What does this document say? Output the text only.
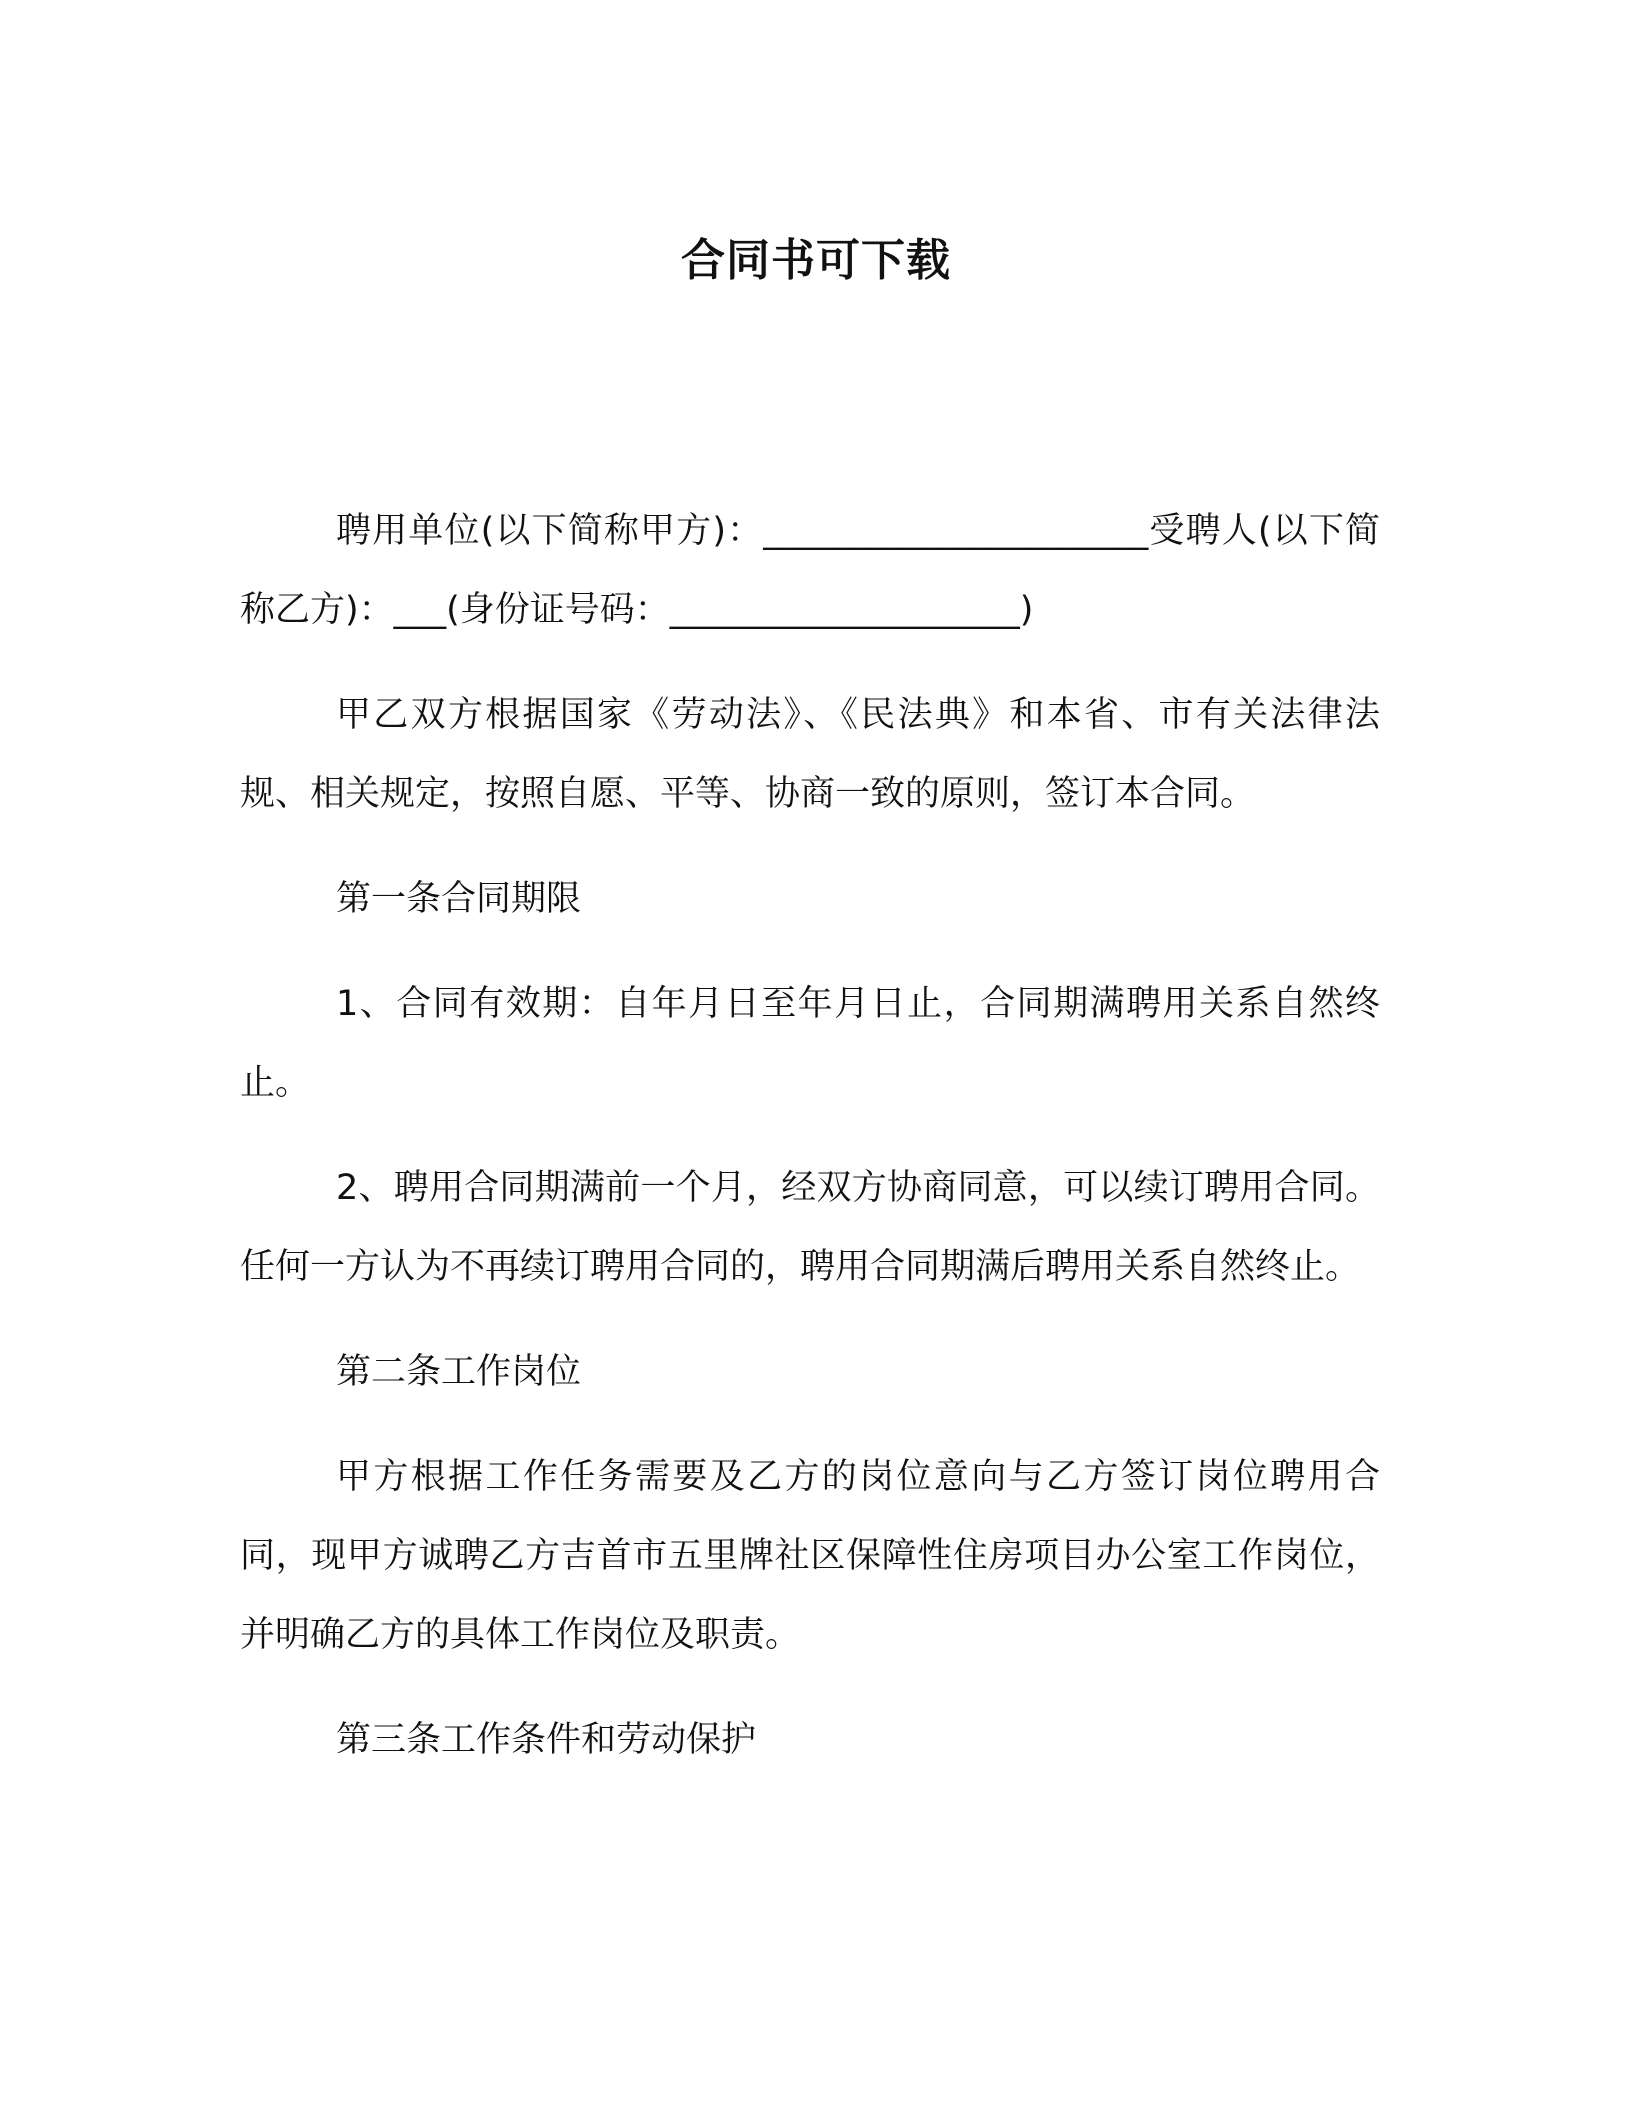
合同书可下载

聘用单位(以下简称甲方)：______________________受聘人(以下简称乙方)：___(身份证号码：____________________)

甲乙双方根据国家《劳动法》、《民法典》和本省、市有关法律法规、相关规定，按照自愿、平等、协商一致的原则，签订本合同。

第一条合同期限

1、合同有效期：自年月日至年月日止，合同期满聘用关系自然终止。

2、聘用合同期满前一个月，经双方协商同意，可以续订聘用合同。任何一方认为不再续订聘用合同的，聘用合同期满后聘用关系自然终止。

第二条工作岗位

甲方根据工作任务需要及乙方的岗位意向与乙方签订岗位聘用合同，现甲方诚聘乙方吉首市五里牌社区保障性住房项目办公室工作岗位，并明确乙方的具体工作岗位及职责。

第三条工作条件和劳动保护
